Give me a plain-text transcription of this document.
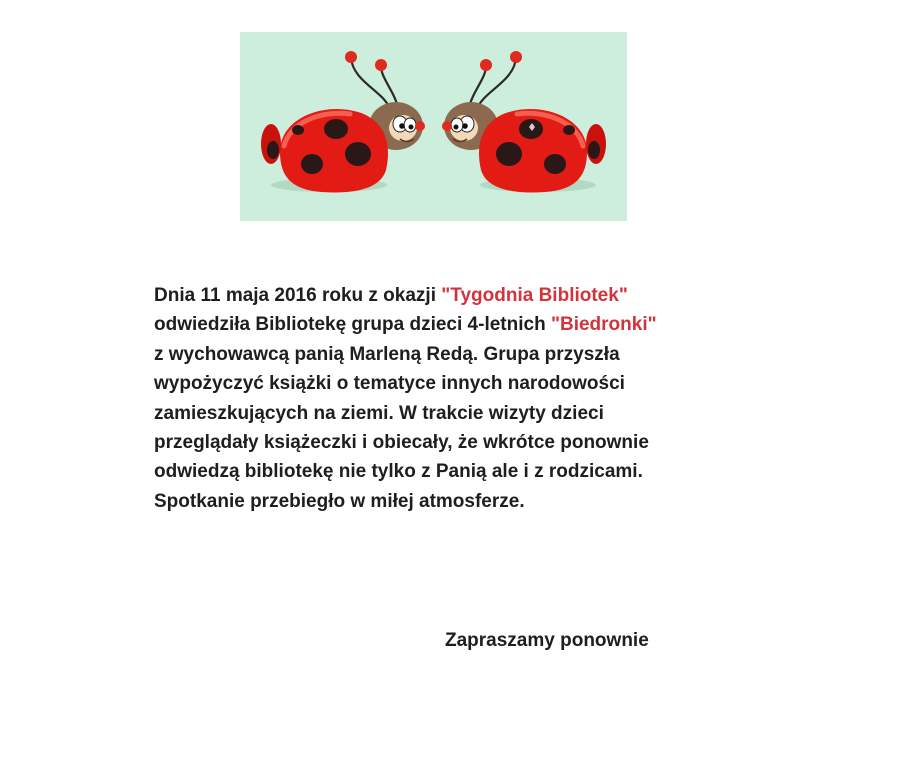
Dnia 11 maja 2016 roku z okazji "Tygodnia Bibliotek"
odwiedziła Bibliotekę grupa dzieci 4-letnich "Biedronki"
z wychowawcą panią Marleną Redą. Grupa przyszła
wypożyczyć książki o tematyce innych narodowości
zamieszkujących na ziemi. W trakcie wizyty dzieci
przeglądały książeczki i obiecały, że wkrótce ponownie
odwiedzą bibliotekę nie tylko z Panią ale i z rodzicami.
Spotkanie przebiegło w miłej atmosferze.
Zapraszamy ponownie
